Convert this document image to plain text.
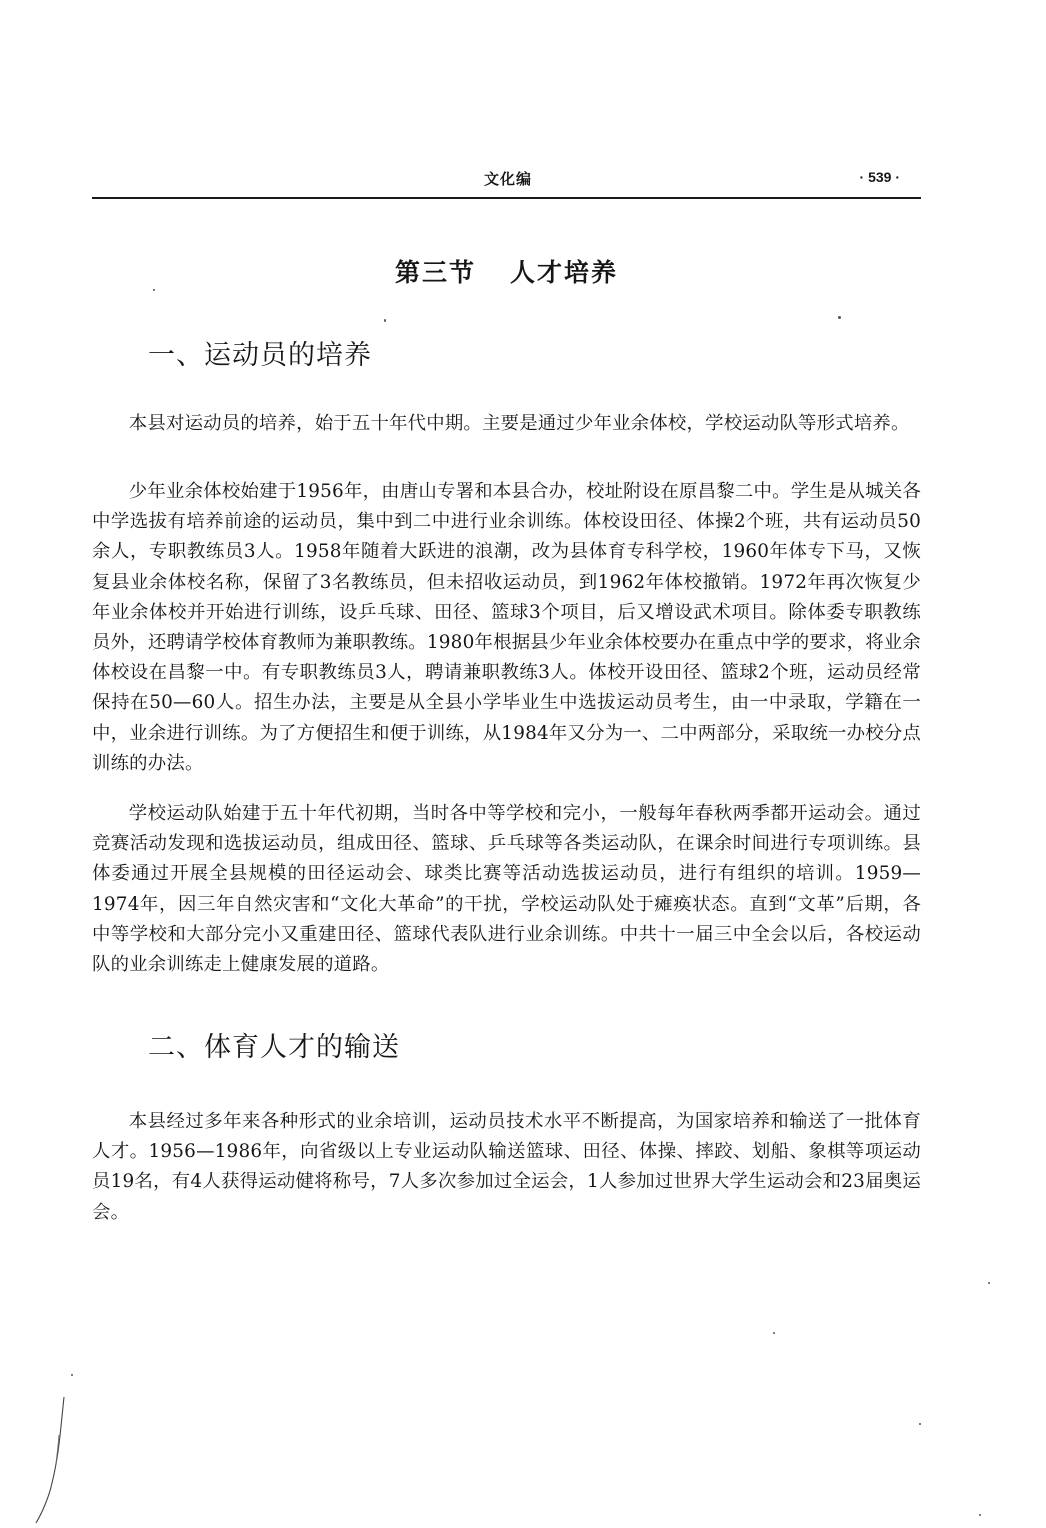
文化编	· 539 ·
第三节 人才培养
一、运动员的培养

本县对运动员的培养，始于五十年代中期。主要是通过少年业余体校，学校运动队等形式培养。

少年业余体校始建于1956年，由唐山专署和本县合办，校址附设在原昌黎二中。学生是从城关各中学选拔有培养前途的运动员，集中到二中进行业余训练。体校设田径、体操2个班，共有运动员50余人，专职教练员3人。1958年随着大跃进的浪潮，改为县体育专科学校，1960年体专下马，又恢复县业余体校名称，保留了3名教练员，但未招收运动员，到1962年体校撤销。1972年再次恢复少年业余体校并开始进行训练，设乒乓球、田径、篮球3个项目，后又增设武术项目。除体委专职教练员外，还聘请学校体育教师为兼职教练。1980年根据县少年业余体校要办在重点中学的要求，将业余体校设在昌黎一中。有专职教练员3人，聘请兼职教练3人。体校开设田径、篮球2个班，运动员经常保持在50—60人。招生办法，主要是从全县小学毕业生中选拔运动员考生，由一中录取，学籍在一中，业余进行训练。为了方便招生和便于训练，从1984年又分为一、二中两部分，采取统一办校分点训练的办法。

学校运动队始建于五十年代初期，当时各中等学校和完小，一般每年春秋两季都开运动会。通过竞赛活动发现和选拔运动员，组成田径、篮球、乒乓球等各类运动队，在课余时间进行专项训练。县体委通过开展全县规模的田径运动会、球类比赛等活动选拔运动员，进行有组织的培训。1959—1974年，因三年自然灾害和“文化大革命”的干扰，学校运动队处于瘫痪状态。直到“文革”后期，各中等学校和大部分完小又重建田径、篮球代表队进行业余训练。中共十一届三中全会以后，各校运动队的业余训练走上健康发展的道路。

二、体育人才的输送

本县经过多年来各种形式的业余培训，运动员技术水平不断提高，为国家培养和输送了一批体育人才。1956—1986年，向省级以上专业运动队输送篮球、田径、体操、摔跤、划船、象棋等项运动员19名，有4人获得运动健将称号，7人多次参加过全运会，1人参加过世界大学生运动会和23届奥运会。
